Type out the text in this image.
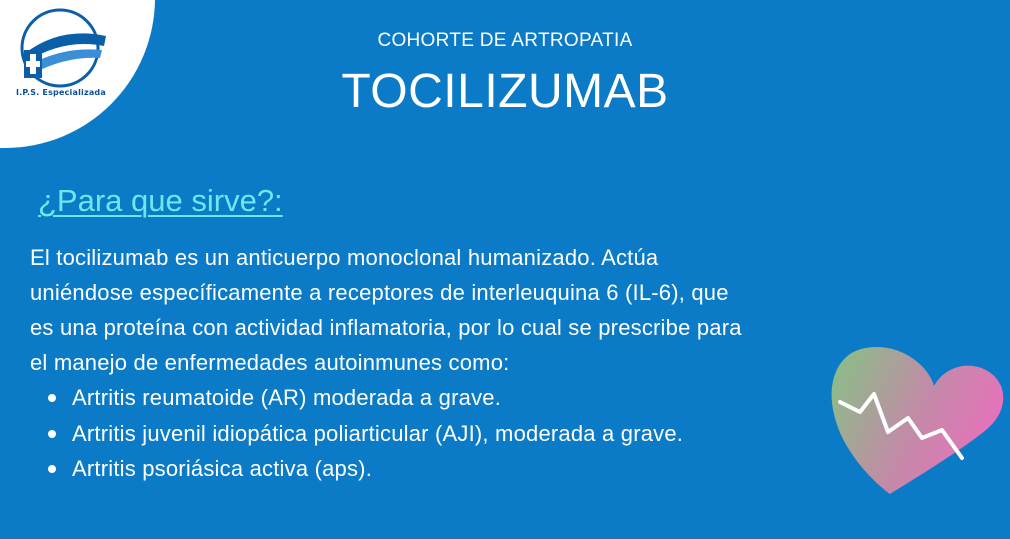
I.P.S. Especializada
COHORTE DE ARTROPATIA
TOCILIZUMAB
¿Para que sirve?:
El tocilizumab es un anticuerpo monoclonal humanizado. Actúa
uniéndose específicamente a receptores de interleuquina 6 (IL-6), que
es una proteína con actividad inflamatoria, por lo cual se prescribe para
el manejo de enfermedades autoinmunes como:
Artritis reumatoide (AR) moderada a grave.
Artritis juvenil idiopática poliarticular (AJI), moderada a grave.
Artritis psoriásica activa (aps).
